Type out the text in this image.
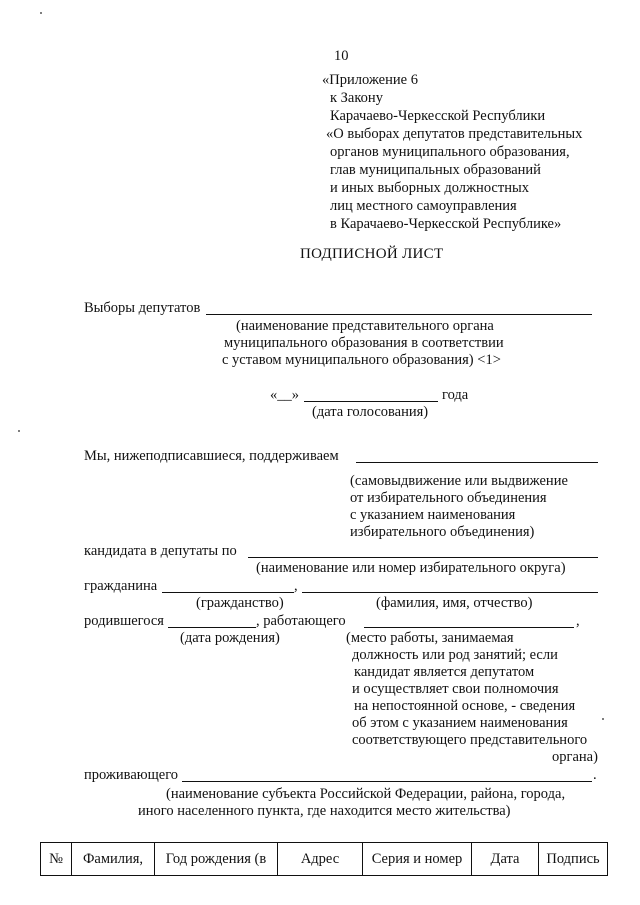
10
«Приложение 6
к Закону
Карачаево-Черкесской Республики
«О выборах депутатов представительных
органов муниципального образования,
глав муниципальных образований
и иных выборных должностных
лиц местного самоуправления
в Карачаево-Черкесской Республике»
ПОДПИСНОЙ ЛИСТ
Выборы депутатов
(наименование представительного органа
муниципального образования в соответствии
с уставом муниципального образования) <1>
«__»	года
(дата голосования)
Мы, нижеподписавшиеся, поддерживаем
(самовыдвижение или выдвижение
от избирательного объединения
с указанием наименования
избирательного объединения)
кандидата в депутаты по
(наименование или номер избирательного округа)
гражданина	,
(гражданство)	(фамилия, имя, отчество)
родившегося	, работающего	,
(дата рождения)	(место работы, занимаемая
должность или род занятий; если
кандидат является депутатом
и осуществляет свои полномочия
на непостоянной основе, - сведения
об этом с указанием наименования
соответствующего представительного
органа)
проживающего	.
(наименование субъекта Российской Федерации, района, города,
иного населенного пункта, где находится место жительства)
№	Фамилия,	Год рождения (в	Адрес	Серия и номер	Дата	Подпись
